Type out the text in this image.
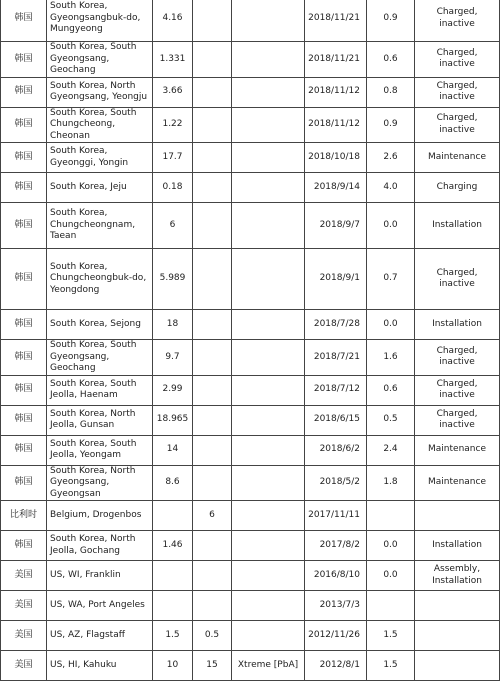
韩国	South Korea, Gyeongsangbuk-do, Mungyeong	4.16			2018/11/21	0.9	Charged, inactive
韩国	South Korea, South Gyeongsang, Geochang	1.331			2018/11/21	0.6	Charged, inactive
韩国	South Korea, North Gyeongsang, Yeongju	3.66			2018/11/12	0.8	Charged, inactive
韩国	South Korea, South Chungcheong, Cheonan	1.22			2018/11/12	0.9	Charged, inactive
韩国	South Korea, Gyeonggi, Yongin	17.7			2018/10/18	2.6	Maintenance
韩国	South Korea, Jeju	0.18			2018/9/14	4.0	Charging
韩国	South Korea, Chungcheongnam, Taean	6			2018/9/7	0.0	Installation
韩国	South Korea, Chungcheongbuk-do, Yeongdong	5.989			2018/9/1	0.7	Charged, inactive
韩国	South Korea, Sejong	18			2018/7/28	0.0	Installation
韩国	South Korea, South Gyeongsang, Geochang	9.7			2018/7/21	1.6	Charged, inactive
韩国	South Korea, South Jeolla, Haenam	2.99			2018/7/12	0.6	Charged, inactive
韩国	South Korea, North Jeolla, Gunsan	18.965			2018/6/15	0.5	Charged, inactive
韩国	South Korea, South Jeolla, Yeongam	14			2018/6/2	2.4	Maintenance
韩国	South Korea, North Gyeongsang, Gyeongsan	8.6			2018/5/2	1.8	Maintenance
比利时	Belgium, Drogenbos		6		2017/11/11		
韩国	South Korea, North Jeolla, Gochang	1.46			2017/8/2	0.0	Installation
美国	US, WI, Franklin				2016/8/10	0.0	Assembly, Installation
美国	US, WA, Port Angeles				2013/7/3		
美国	US, AZ, Flagstaff	1.5	0.5		2012/11/26	1.5	
美国	US, HI, Kahuku	10	15	Xtreme [PbA]	2012/8/1	1.5	
